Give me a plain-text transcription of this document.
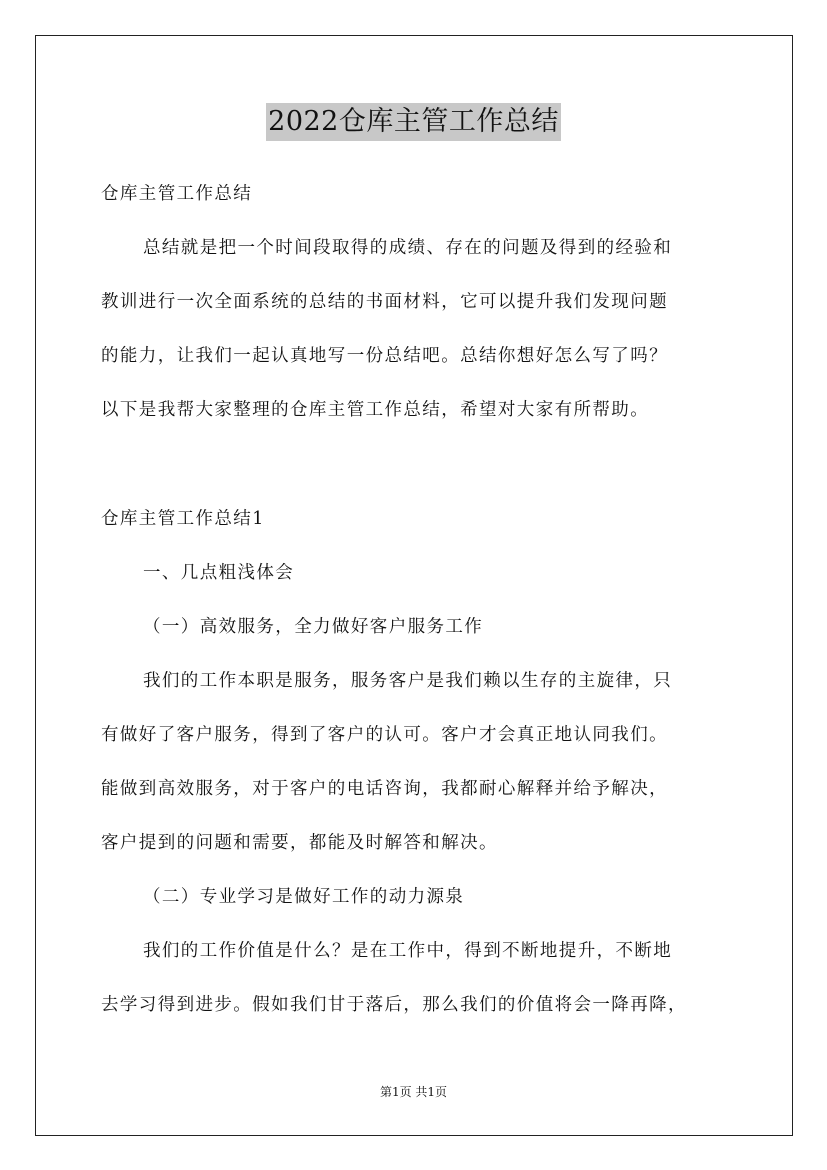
2022仓库主管工作总结
仓库主管工作总结
总结就是把一个时间段取得的成绩、存在的问题及得到的经验和
教训进行一次全面系统的总结的书面材料，它可以提升我们发现问题
的能力，让我们一起认真地写一份总结吧。总结你想好怎么写了吗？
以下是我帮大家整理的仓库主管工作总结，希望对大家有所帮助。
仓库主管工作总结1
一、几点粗浅体会
（一）高效服务，全力做好客户服务工作
我们的工作本职是服务，服务客户是我们赖以生存的主旋律，只
有做好了客户服务，得到了客户的认可。客户才会真正地认同我们。
能做到高效服务，对于客户的电话咨询，我都耐心解释并给予解决，
客户提到的问题和需要，都能及时解答和解决。
（二）专业学习是做好工作的动力源泉
我们的工作价值是什么？是在工作中，得到不断地提升，不断地
去学习得到进步。假如我们甘于落后，那么我们的价值将会一降再降，
第1页 共1页
